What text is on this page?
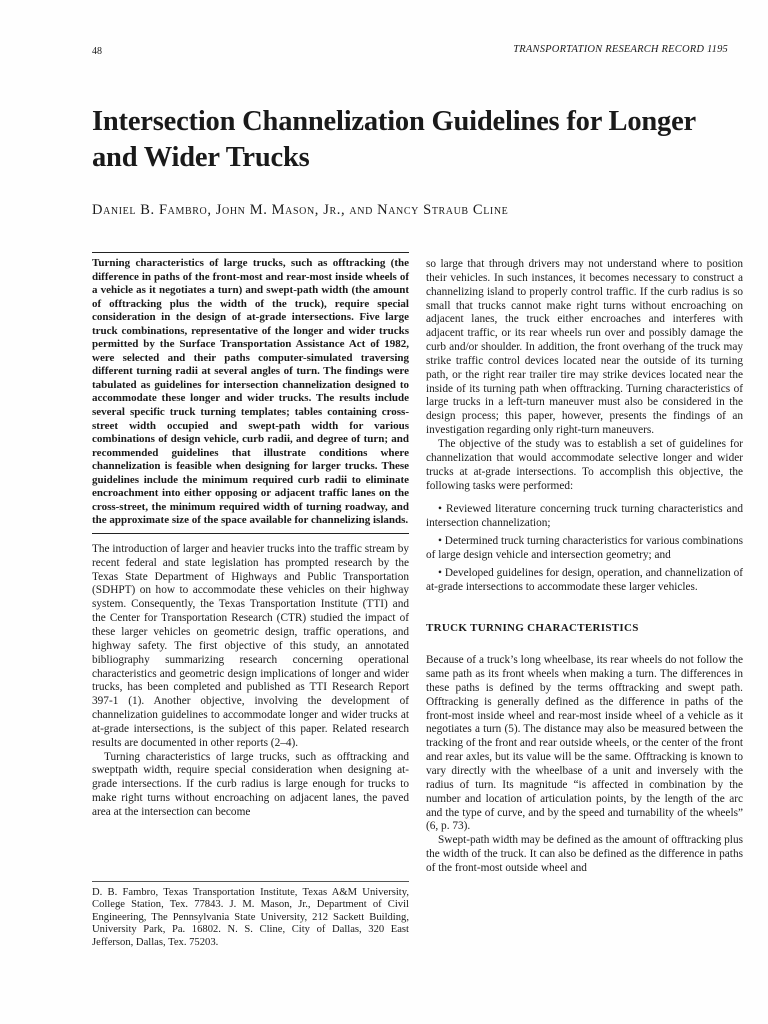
48	TRANSPORTATION RESEARCH RECORD 1195
Intersection Channelization Guidelines for Longer and Wider Trucks
Daniel B. Fambro, John M. Mason, Jr., and Nancy Straub Cline

Turning characteristics of large trucks, such as offtracking (the difference in paths of the front-most and rear-most inside wheels of a vehicle as it negotiates a turn) and swept-path width (the amount of offtracking plus the width of the truck), require special consideration in the design of at-grade intersections. Five large truck combinations, representative of the longer and wider trucks permitted by the Surface Transportation Assistance Act of 1982, were selected and their paths computer-simulated traversing different turning radii at several angles of turn. The findings were tabulated as guidelines for intersection channelization designed to accommodate these longer and wider trucks. The results include several specific truck turning templates; tables containing cross-street width occupied and swept-path width for various combinations of design vehicle, curb radii, and degree of turn; and recommended guidelines that illustrate conditions where channelization is feasible when designing for larger trucks. These guidelines include the minimum required curb radii to eliminate encroachment into either opposing or adjacent traffic lanes on the cross-street, the minimum required width of turning roadway, and the approximate size of the space available for channelizing islands.

The introduction of larger and heavier trucks into the traffic stream by recent federal and state legislation has prompted research by the Texas State Department of Highways and Public Transportation (SDHPT) on how to accommodate these vehicles on their highway system. Consequently, the Texas Transportation Institute (TTI) and the Center for Transportation Research (CTR) studied the impact of these larger vehicles on geometric design, traffic operations, and highway safety. The first objective of this study, an annotated bibliography summarizing research concerning operational characteristics and geometric design implications of longer and wider trucks, has been completed and published as TTI Research Report 397-1 (1). Another objective, involving the development of channelization guidelines to accommodate longer and wider trucks at at-grade intersections, is the subject of this paper. Related research results are documented in other reports (2–4).

Turning characteristics of large trucks, such as offtracking and sweptpath width, require special consideration when designing at-grade intersections. If the curb radius is large enough for trucks to make right turns without encroaching on adjacent lanes, the paved area at the intersection can become

so large that through drivers may not understand where to position their vehicles. In such instances, it becomes necessary to construct a channelizing island to properly control traffic. If the curb radius is so small that trucks cannot make right turns without encroaching on adjacent lanes, the truck either encroaches and interferes with adjacent traffic, or its rear wheels run over and possibly damage the curb and/or shoulder. In addition, the front overhang of the truck may strike traffic control devices located near the outside of its turning path, or the right rear trailer tire may strike devices located near the inside of its turning path when offtracking. Turning characteristics of large trucks in a left-turn maneuver must also be considered in the design process; this paper, however, presents the findings of an investigation regarding only right-turn maneuvers.

The objective of the study was to establish a set of guidelines for channelization that would accommodate selective longer and wider trucks at at-grade intersections. To accomplish this objective, the following tasks were performed:

• Reviewed literature concerning truck turning characteristics and intersection channelization;

• Determined truck turning characteristics for various combinations of large design vehicle and intersection geometry; and

• Developed guidelines for design, operation, and channelization of at-grade intersections to accommodate these larger vehicles.

TRUCK TURNING CHARACTERISTICS

Because of a truck’s long wheelbase, its rear wheels do not follow the same path as its front wheels when making a turn. The differences in these paths is defined by the terms offtracking and swept path. Offtracking is generally defined as the difference in paths of the front-most inside wheel and rear-most inside wheel of a vehicle as it negotiates a turn (5). The distance may also be measured between the tracking of the front and rear outside wheels, or the center of the front and rear axles, but its value will be the same. Offtracking is known to vary directly with the wheelbase of a unit and inversely with the radius of turn. Its magnitude “is affected in combination by the number and location of articulation points, by the length of the arc and the type of curve, and by the speed and turnability of the wheels” (6, p. 73).

Swept-path width may be defined as the amount of offtracking plus the width of the truck. It can also be defined as the difference in paths of the front-most outside wheel and

D. B. Fambro, Texas Transportation Institute, Texas A&M University, College Station, Tex. 77843. J. M. Mason, Jr., Department of Civil Engineering, The Pennsylvania State University, 212 Sackett Building, University Park, Pa. 16802. N. S. Cline, City of Dallas, 320 East Jefferson, Dallas, Tex. 75203.
